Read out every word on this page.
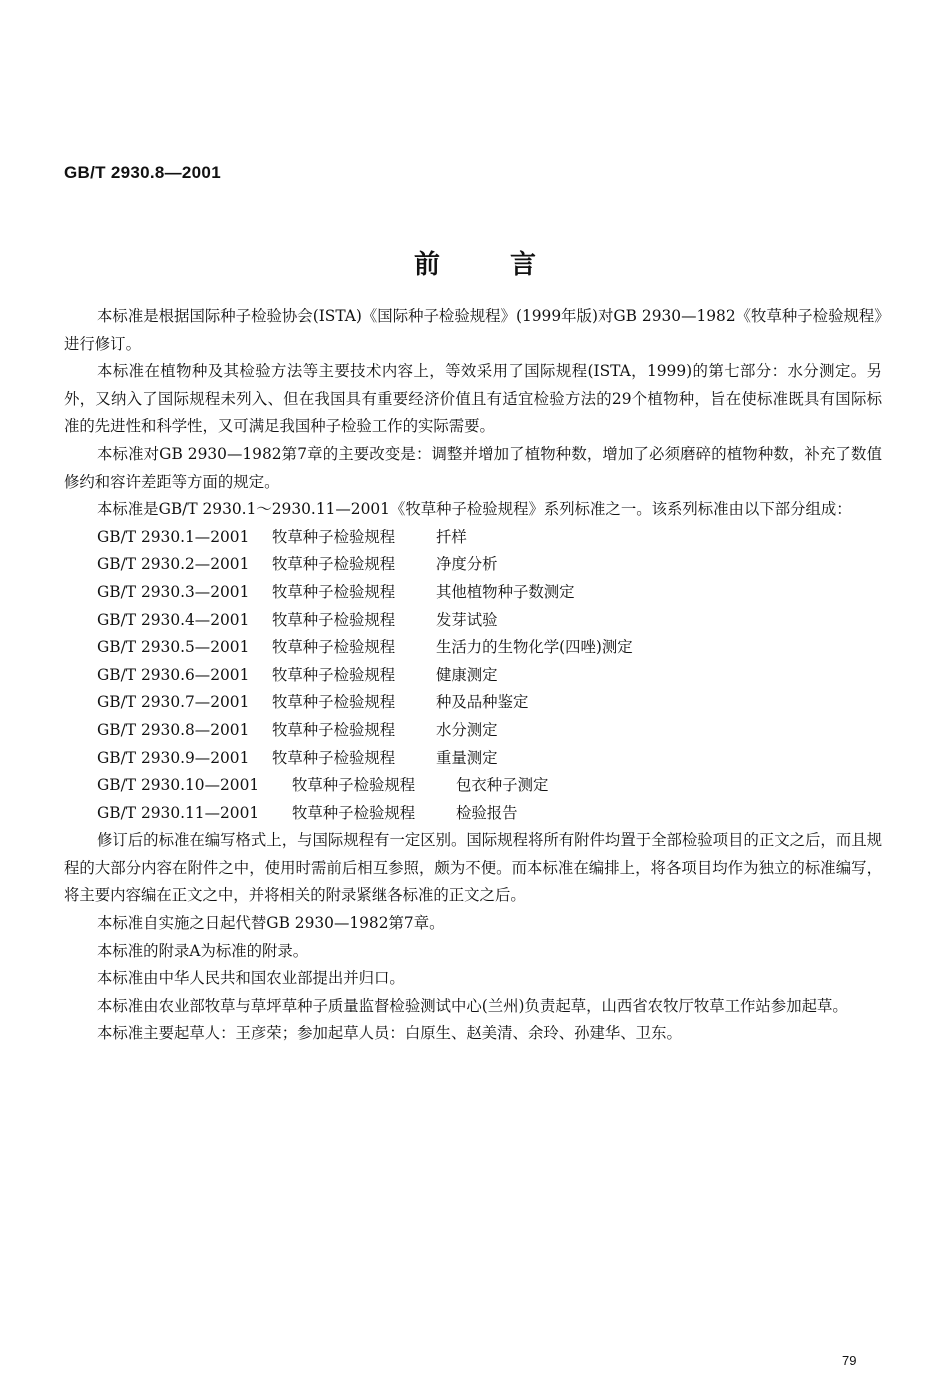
GB/T 2930.8—2001
前	言

本标准是根据国际种子检验协会(ISTA)《国际种子检验规程》(1999年版)对GB 2930—1982《牧草种子检验规程》进行修订。

本标准在植物种及其检验方法等主要技术内容上，等效采用了国际规程(ISTA，1999)的第七部分：水分测定。另外，又纳入了国际规程未列入、但在我国具有重要经济价值且有适宜检验方法的29个植物种，旨在使标准既具有国际标准的先进性和科学性，又可满足我国种子检验工作的实际需要。

本标准对GB 2930—1982第7章的主要改变是：调整并增加了植物种数，增加了必须磨碎的植物种数，补充了数值修约和容许差距等方面的规定。

本标准是GB/T 2930.1～2930.11—2001《牧草种子检验规程》系列标准之一。该系列标准由以下部分组成：

GB/T 2930.1—2001	牧草种子检验规程	扦样
GB/T 2930.2—2001	牧草种子检验规程	净度分析
GB/T 2930.3—2001	牧草种子检验规程	其他植物种子数测定
GB/T 2930.4—2001	牧草种子检验规程	发芽试验
GB/T 2930.5—2001	牧草种子检验规程	生活力的生物化学(四唑)测定
GB/T 2930.6—2001	牧草种子检验规程	健康测定
GB/T 2930.7—2001	牧草种子检验规程	种及品种鉴定
GB/T 2930.8—2001	牧草种子检验规程	水分测定
GB/T 2930.9—2001	牧草种子检验规程	重量测定
GB/T 2930.10—2001	牧草种子检验规程	包衣种子测定
GB/T 2930.11—2001	牧草种子检验规程	检验报告

修订后的标准在编写格式上，与国际规程有一定区别。国际规程将所有附件均置于全部检验项目的正文之后，而且规程的大部分内容在附件之中，使用时需前后相互参照，颇为不便。而本标准在编排上，将各项目均作为独立的标准编写，将主要内容编在正文之中，并将相关的附录紧继各标准的正文之后。

本标准自实施之日起代替GB 2930—1982第7章。

本标准的附录A为标准的附录。

本标准由中华人民共和国农业部提出并归口。

本标准由农业部牧草与草坪草种子质量监督检验测试中心(兰州)负责起草，山西省农牧厅牧草工作站参加起草。

本标准主要起草人：王彦荣；参加起草人员：白原生、赵美清、余玲、孙建华、卫东。

79
